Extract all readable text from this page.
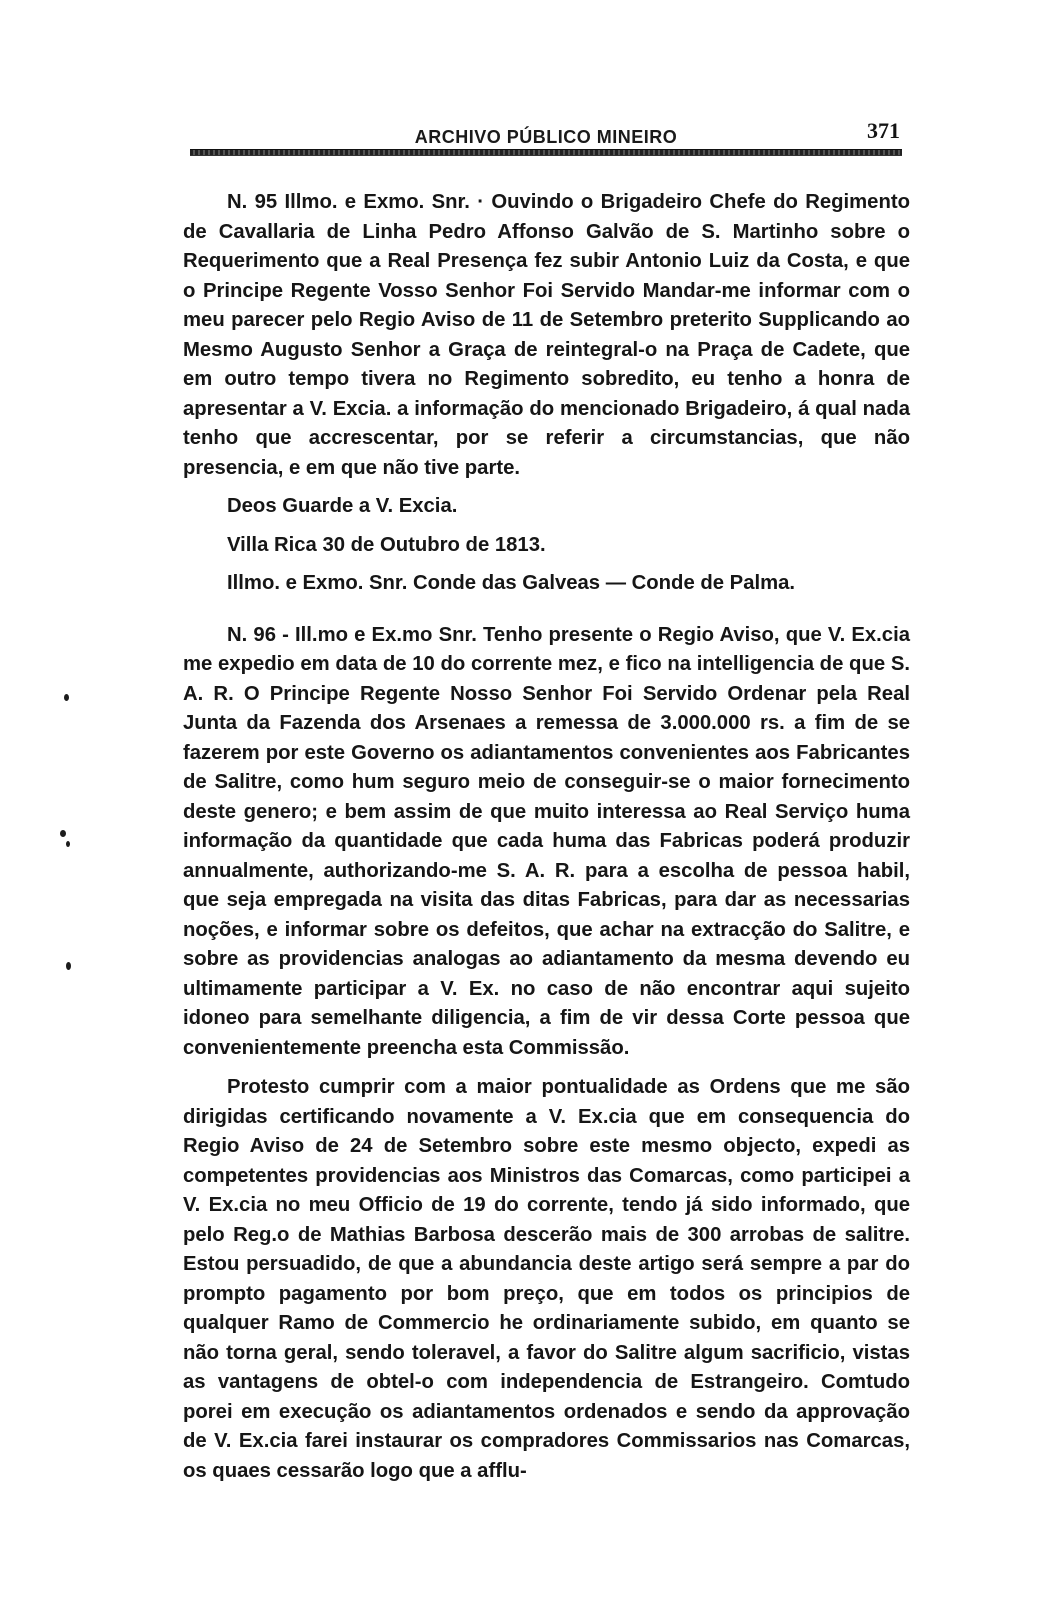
ARCHIVO PÚBLICO MINEIRO	371

N. 95 Illmo. e Exmo. Snr. · Ouvindo o Brigadeiro Chefe do Regimento de Cavallaria de Linha Pedro Affonso Galvão de S. Martinho sobre o Requerimento que a Real Presença fez subir Antonio Luiz da Costa, e que o Principe Regente Vosso Senhor Foi Servido Mandar-me informar com o meu parecer pelo Regio Aviso de 11 de Setembro preterito Supplicando ao Mesmo Augusto Senhor a Graça de reintegral-o na Praça de Cadete, que em outro tempo tivera no Regimento sobredito, eu tenho a honra de apresentar a V. Excia. a informação do mencionado Brigadeiro, á qual nada tenho que accrescentar, por se referir a circumstancias, que não presencia, e em que não tive parte.

Deos Guarde a V. Excia.

Villa Rica 30 de Outubro de 1813.

Illmo. e Exmo. Snr. Conde das Galveas — Conde de Palma.

N. 96 - Ill.mo e Ex.mo Snr. Tenho presente o Regio Aviso, que V. Ex.cia me expedio em data de 10 do corrente mez, e fico na intelligencia de que S. A. R. O Principe Regente Nosso Senhor Foi Servido Ordenar pela Real Junta da Fazenda dos Arsenaes a remessa de 3.000.000 rs. a fim de se fazerem por este Governo os adiantamentos convenientes aos Fabricantes de Salitre, como hum seguro meio de conseguir-se o maior fornecimento deste genero; e bem assim de que muito interessa ao Real Serviço huma informação da quantidade que cada huma das Fabricas poderá produzir annualmente, authorizando-me S. A. R. para a escolha de pessoa habil, que seja empregada na visita das ditas Fabricas, para dar as necessarias noções, e informar sobre os defeitos, que achar na extracção do Salitre, e sobre as providencias analogas ao adiantamento da mesma devendo eu ultimamente participar a V. Ex. no caso de não encontrar aqui sujeito idoneo para semelhante diligencia, a fim de vir dessa Corte pessoa que convenientemente preencha esta Commissão.

Protesto cumprir com a maior pontualidade as Ordens que me são dirigidas certificando novamente a V. Ex.cia que em consequencia do Regio Aviso de 24 de Setembro sobre este mesmo objecto, expedi as competentes providencias aos Ministros das Comarcas, como participei a V. Ex.cia no meu Officio de 19 do corrente, tendo já sido informado, que pelo Reg.o de Mathias Barbosa descerão mais de 300 arrobas de salitre. Estou persuadido, de que a abundancia deste artigo será sempre a par do prompto pagamento por bom preço, que em todos os principios de qualquer Ramo de Commercio he ordinariamente subido, em quanto se não torna geral, sendo toleravel, a favor do Salitre algum sacrificio, vistas as vantagens de obtel-o com independencia de Estrangeiro. Comtudo porei em execução os adiantamentos ordenados e sendo da approvação de V. Ex.cia farei instaurar os compradores Commissarios nas Comarcas, os quaes cessarão logo que a afflu-
